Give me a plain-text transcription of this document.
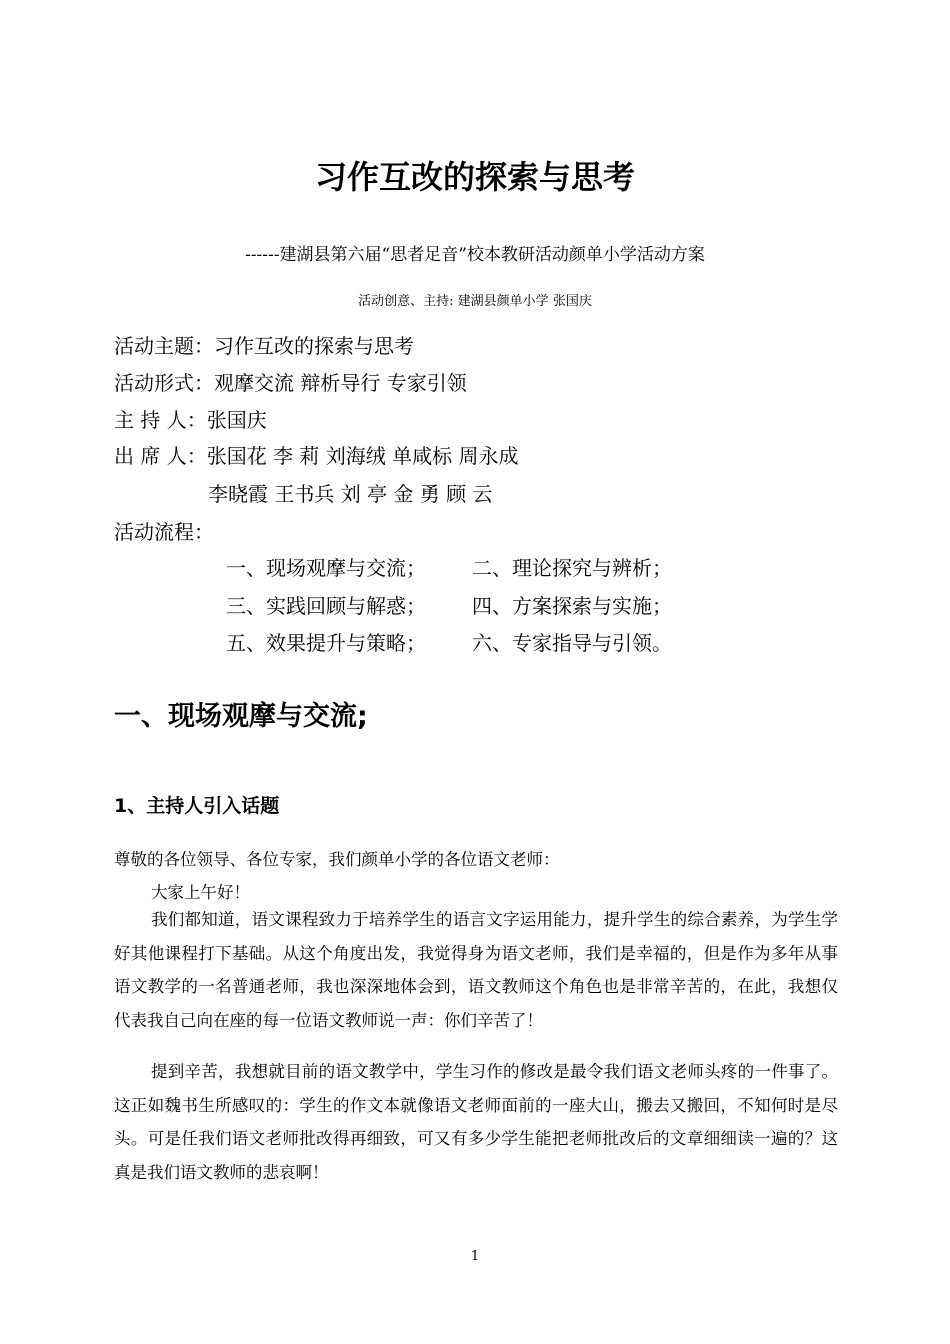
习作互改的探索与思考
------建湖县第六届“思者足音”校本教研活动颜单小学活动方案
活动创意、主持: 建湖县颜单小学 张国庆
活动主题：习作互改的探索与思考
活动形式：观摩交流 辩析导行 专家引领
主 持 人：张国庆
出 席 人：张国花 李 莉 刘海绒 单咸标 周永成
李晓霞 王书兵 刘 亭 金 勇 顾 云
活动流程：
一、现场观摩与交流； 二、理论探究与辨析；
三、实践回顾与解惑； 四、方案探索与实施；
五、效果提升与策略； 六、专家指导与引领。
一、现场观摩与交流;
1、主持人引入话题

尊敬的各位领导、各位专家，我们颜单小学的各位语文老师：

大家上午好！

我们都知道，语文课程致力于培养学生的语言文字运用能力，提升学生的综合素养，为学生学好其他课程打下基础。从这个角度出发，我觉得身为语文老师，我们是幸福的，但是作为多年从事语文教学的一名普通老师，我也深深地体会到，语文教师这个角色也是非常辛苦的，在此，我想仅代表我自己向在座的每一位语文教师说一声：你们辛苦了！

提到辛苦，我想就目前的语文教学中，学生习作的修改是最令我们语文老师头疼的一件事了。这正如魏书生所感叹的：学生的作文本就像语文老师面前的一座大山，搬去又搬回，不知何时是尽头。可是任我们语文老师批改得再细致，可又有多少学生能把老师批改后的文章细细读一遍的？这真是我们语文教师的悲哀啊！

1
